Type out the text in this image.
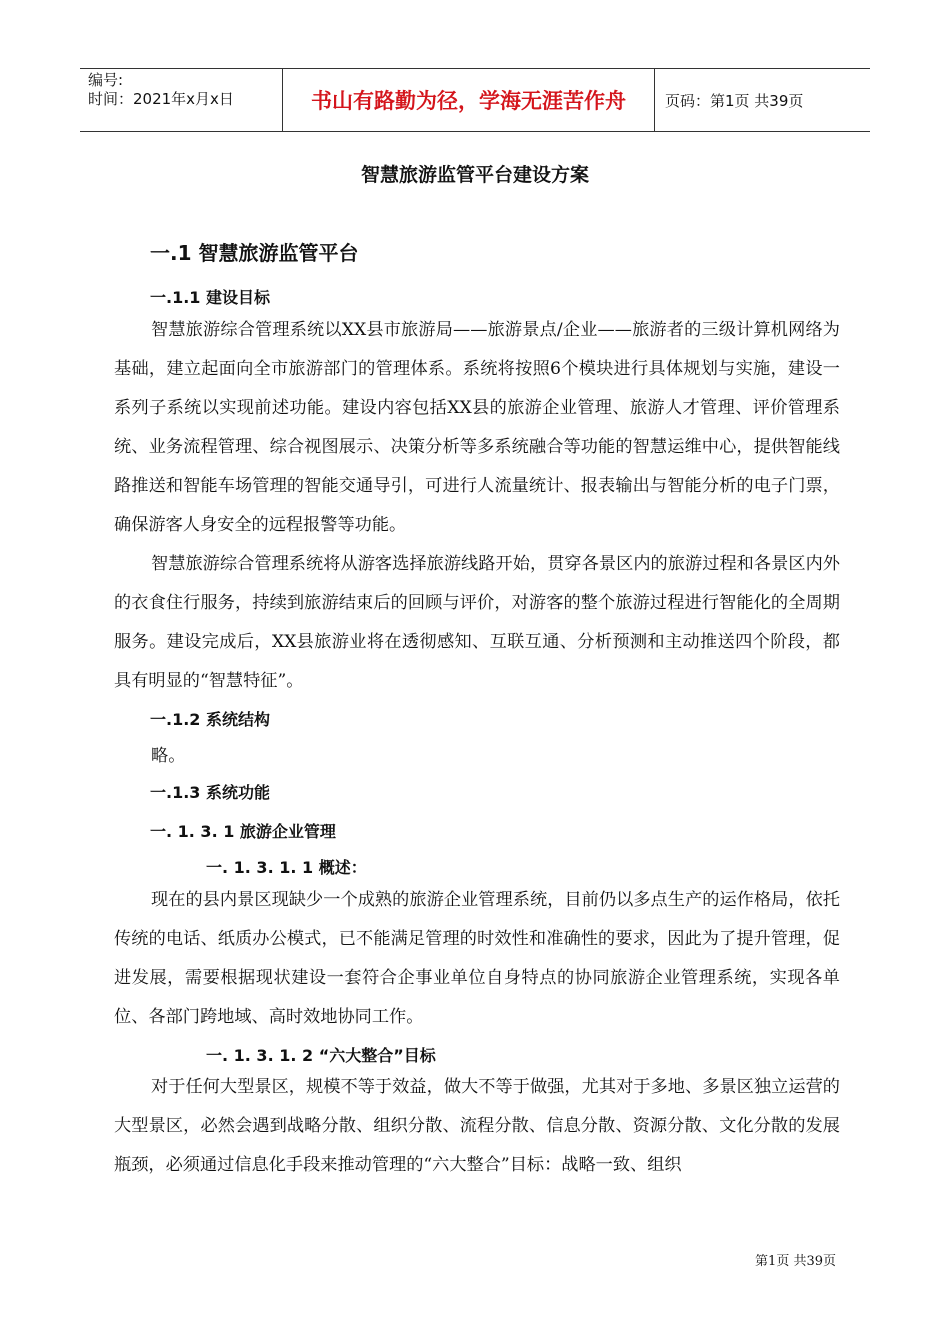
编号:
时间：2021年x月x日	书山有路勤为径，学海无涯苦作舟	页码：第1页 共39页
智慧旅游监管平台建设方案
一.1 智慧旅游监管平台
一.1.1 建设目标

智慧旅游综合管理系统以XX县市旅游局——旅游景点/企业——旅游者的三级计算机网络为基础，建立起面向全市旅游部门的管理体系。系统将按照6个模块进行具体规划与实施，建设一系列子系统以实现前述功能。建设内容包括XX县的旅游企业管理、旅游人才管理、评价管理系统、业务流程管理、综合视图展示、决策分析等多系统融合等功能的智慧运维中心，提供智能线路推送和智能车场管理的智能交通导引，可进行人流量统计、报表输出与智能分析的电子门票，确保游客人身安全的远程报警等功能。

智慧旅游综合管理系统将从游客选择旅游线路开始，贯穿各景区内的旅游过程和各景区内外的衣食住行服务，持续到旅游结束后的回顾与评价，对游客的整个旅游过程进行智能化的全周期服务。建设完成后，XX县旅游业将在透彻感知、互联互通、分析预测和主动推送四个阶段，都具有明显的“智慧特征”。

一.1.2 系统结构
略。
一.1.3 系统功能
一. 1. 3. 1 旅游企业管理
一. 1. 3. 1. 1 概述：

现在的县内景区现缺少一个成熟的旅游企业管理系统，目前仍以多点生产的运作格局，依托传统的电话、纸质办公模式，已不能满足管理的时效性和准确性的要求，因此为了提升管理，促进发展，需要根据现状建设一套符合企事业单位自身特点的协同旅游企业管理系统，实现各单位、各部门跨地域、高时效地协同工作。

一. 1. 3. 1. 2 “六大整合”目标

对于任何大型景区，规模不等于效益，做大不等于做强，尤其对于多地、多景区独立运营的大型景区，必然会遇到战略分散、组织分散、流程分散、信息分散、资源分散、文化分散的发展瓶颈，必须通过信息化手段来推动管理的“六大整合”目标：战略一致、组织

第1页 共39页
